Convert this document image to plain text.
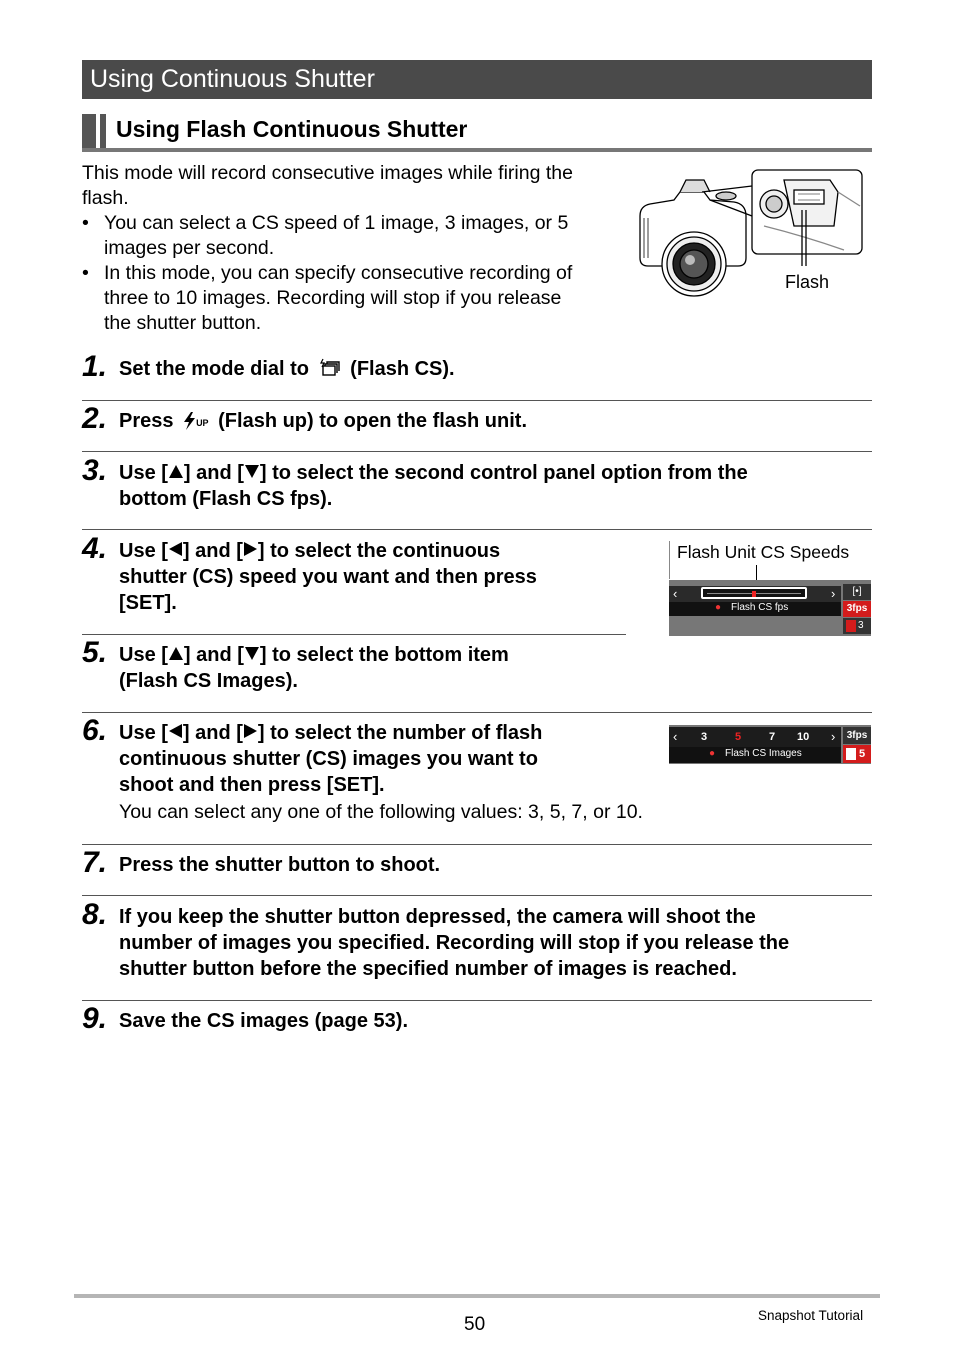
Using Continuous Shutter
Using Flash Continuous Shutter
This mode will record consecutive images while firing the
flash.
• You can select a CS speed of 1 image, 3 images, or 5
images per second.
• In this mode, you can specify consecutive recording of
three to 10 images. Recording will stop if you release
the shutter button.
Flash
1. Set the mode dial to (Flash CS).
2. Press	UP (Flash up) to open the flash unit.
3. Use [ ] and [ ] to select the second control panel option from the
bottom (Flash CS fps).
4. Use [ ] and [ ] to select the continuous
shutter (CS) speed you want and then press
[SET].
Flash Unit CS Speeds
‹	›
● Flash CS fps
[•]
3fps
3
5. Use [ ] and [ ] to select the bottom item
(Flash CS Images).
6. Use [ ] and [ ] to select the number of flash
continuous shutter (CS) images you want to
shoot and then press [SET].
You can select any one of the following values: 3, 5, 7, or 10.
‹	›
3	5	7 10
● Flash CS Images
3fps
5
7. Press the shutter button to shoot.
8. If you keep the shutter button depressed, the camera will shoot the
number of images you specified. Recording will stop if you release the
shutter button before the specified number of images is reached.
9. Save the CS images (page 53).
50	Snapshot Tutorial
